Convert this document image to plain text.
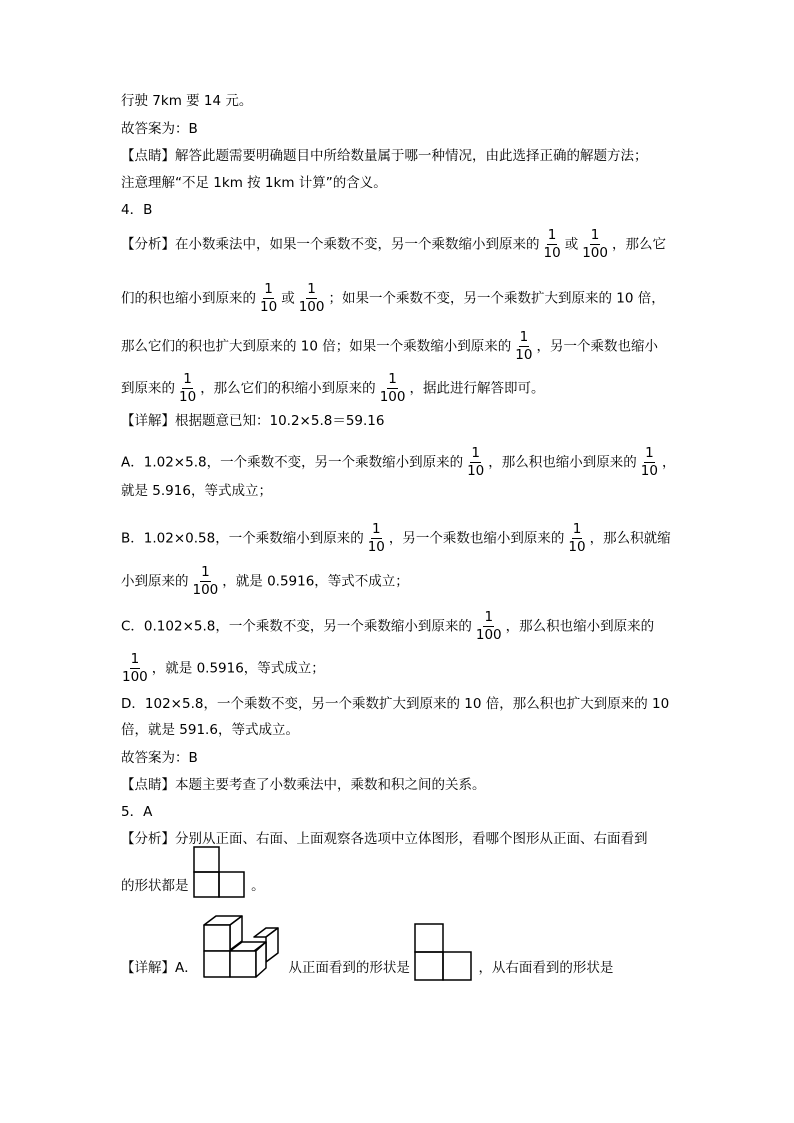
行驶 7km 要 14 元。
故答案为：B
【点睛】解答此题需要明确题目中所给数量属于哪一种情况，由此选择正确的解题方法；
注意理解“不足 1km 按 1km 计算”的含义。
4．B
【分析】在小数乘法中，如果一个乘数不变，另一个乘数缩小到原来的 $\frac{1}{10}$ 或 $\frac{1}{100}$ ，那么它
们的积也缩小到原来的 $\frac{1}{10}$ 或 $\frac{1}{100}$ ；如果一个乘数不变，另一个乘数扩大到原来的 10 倍，
那么它们的积也扩大到原来的 10 倍；如果一个乘数缩小到原来的 $\frac{1}{10}$ ，另一个乘数也缩小
到原来的 $\frac{1}{10}$ ，那么它们的积缩小到原来的 $\frac{1}{100}$ ，据此进行解答即可。
【详解】根据题意已知：10.2×5.8＝59.16
A．1.02×5.8，一个乘数不变，另一个乘数缩小到原来的 $\frac{1}{10}$ ，那么积也缩小到原来的 $\frac{1}{10}$ ，
就是 5.916，等式成立；
B．1.02×0.58，一个乘数缩小到原来的 $\frac{1}{10}$ ，另一个乘数也缩小到原来的 $\frac{1}{10}$ ，那么积就缩
小到原来的 $\frac{1}{100}$ ，就是 0.5916，等式不成立；
C．0.102×5.8，一个乘数不变，另一个乘数缩小到原来的 $\frac{1}{100}$ ，那么积也缩小到原来的
$\frac{1}{100}$ ，就是 0.5916，等式成立；
D．102×5.8，一个乘数不变，另一个乘数扩大到原来的 10 倍，那么积也扩大到原来的 10
倍，就是 591.6，等式成立。
故答案为：B
【点睛】本题主要考查了小数乘法中，乘数和积之间的关系。
5．A
【分析】分别从正面、右面、上面观察各选项中立体图形，看哪个图形从正面、右面看到
的形状都是	。
【详解】A．	从正面看到的形状是	，从右面看到的形状是
